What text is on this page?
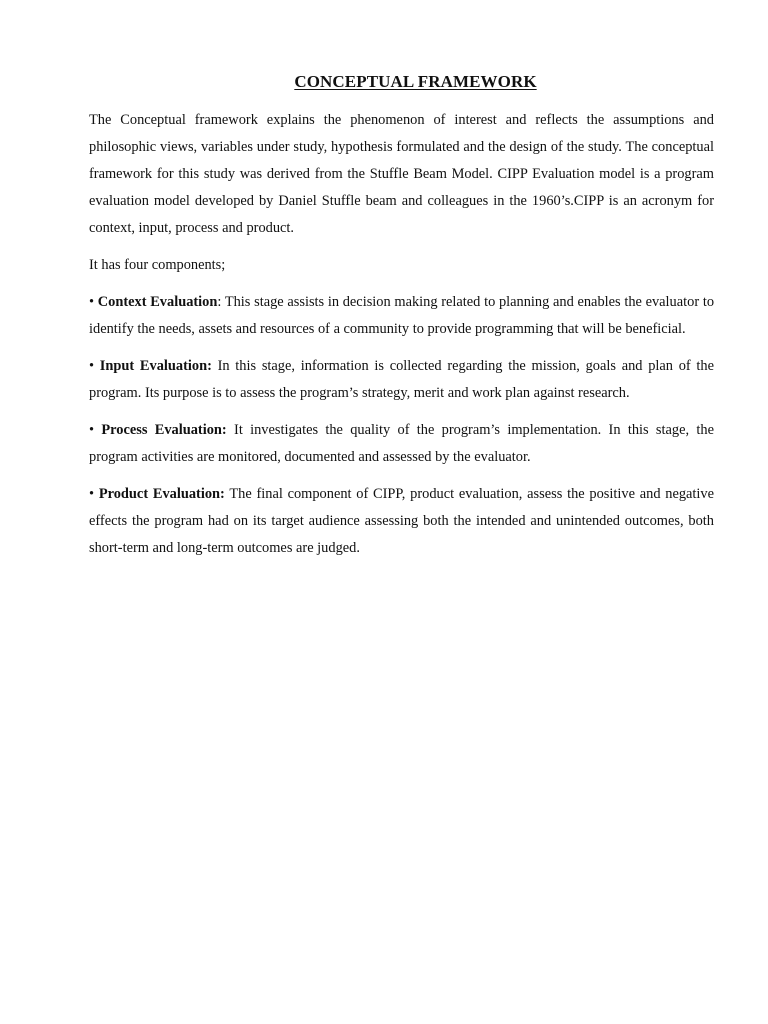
CONCEPTUAL FRAMEWORK

The Conceptual framework explains the phenomenon of interest and reflects the assumptions and philosophic views, variables under study, hypothesis formulated and the design of the study. The conceptual framework for this study was derived from the Stuffle Beam Model. CIPP Evaluation model is a program evaluation model developed by Daniel Stuffle beam and colleagues in the 1960’s.CIPP is an acronym for context, input, process and product.

It has four components;

• Context Evaluation: This stage assists in decision making related to planning and enables the evaluator to identify the needs, assets and resources of a community to provide programming that will be beneficial.

• Input Evaluation: In this stage, information is collected regarding the mission, goals and plan of the program. Its purpose is to assess the program’s strategy, merit and work plan against research.

• Process Evaluation: It investigates the quality of the program’s implementation. In this stage, the program activities are monitored, documented and assessed by the evaluator.

• Product Evaluation: The final component of CIPP, product evaluation, assess the positive and negative effects the program had on its target audience assessing both the intended and unintended outcomes, both short-term and long-term outcomes are judged.
